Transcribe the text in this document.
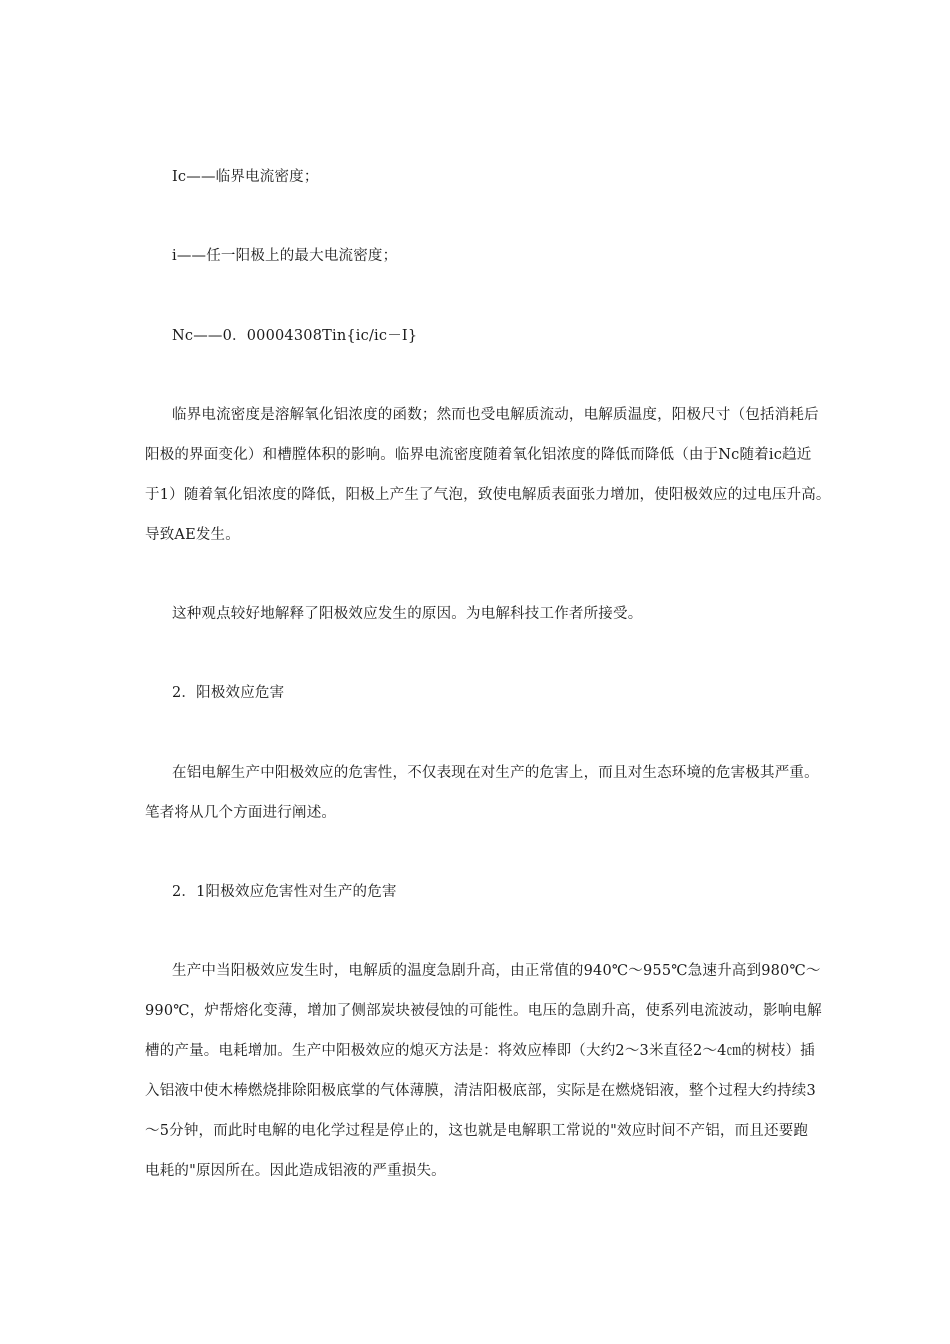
Ic——临界电流密度；
i——任一阳极上的最大电流密度；
Nc——0．00004308Tin{ic/ic－I}
临界电流密度是溶解氧化铝浓度的函数；然而也受电解质流动，电解质温度，阳极尺寸（包括消耗后
阳极的界面变化）和槽膛体积的影响。临界电流密度随着氧化铝浓度的降低而降低（由于Nc随着ic趋近
于1）随着氧化铝浓度的降低，阳极上产生了气泡，致使电解质表面张力增加，使阳极效应的过电压升高。
导致AE发生。
这种观点较好地解释了阳极效应发生的原因。为电解科技工作者所接受。
2．阳极效应危害
在铝电解生产中阳极效应的危害性，不仅表现在对生产的危害上，而且对生态环境的危害极其严重。
笔者将从几个方面进行阐述。
2．1阳极效应危害性对生产的危害
生产中当阳极效应发生时，电解质的温度急剧升高，由正常值的940℃～955℃急速升高到980℃～
990℃，炉帮熔化变薄，增加了侧部炭块被侵蚀的可能性。电压的急剧升高，使系列电流波动，影响电解
槽的产量。电耗增加。生产中阳极效应的熄灭方法是：将效应棒即（大约2～3米直径2～4㎝的树枝）插
入铝液中使木棒燃烧排除阳极底掌的气体薄膜，清洁阳极底部，实际是在燃烧铝液，整个过程大约持续3
～5分钟，而此时电解的电化学过程是停止的，这也就是电解职工常说的"效应时间不产铝，而且还要跑
电耗的"原因所在。因此造成铝液的严重损失。
